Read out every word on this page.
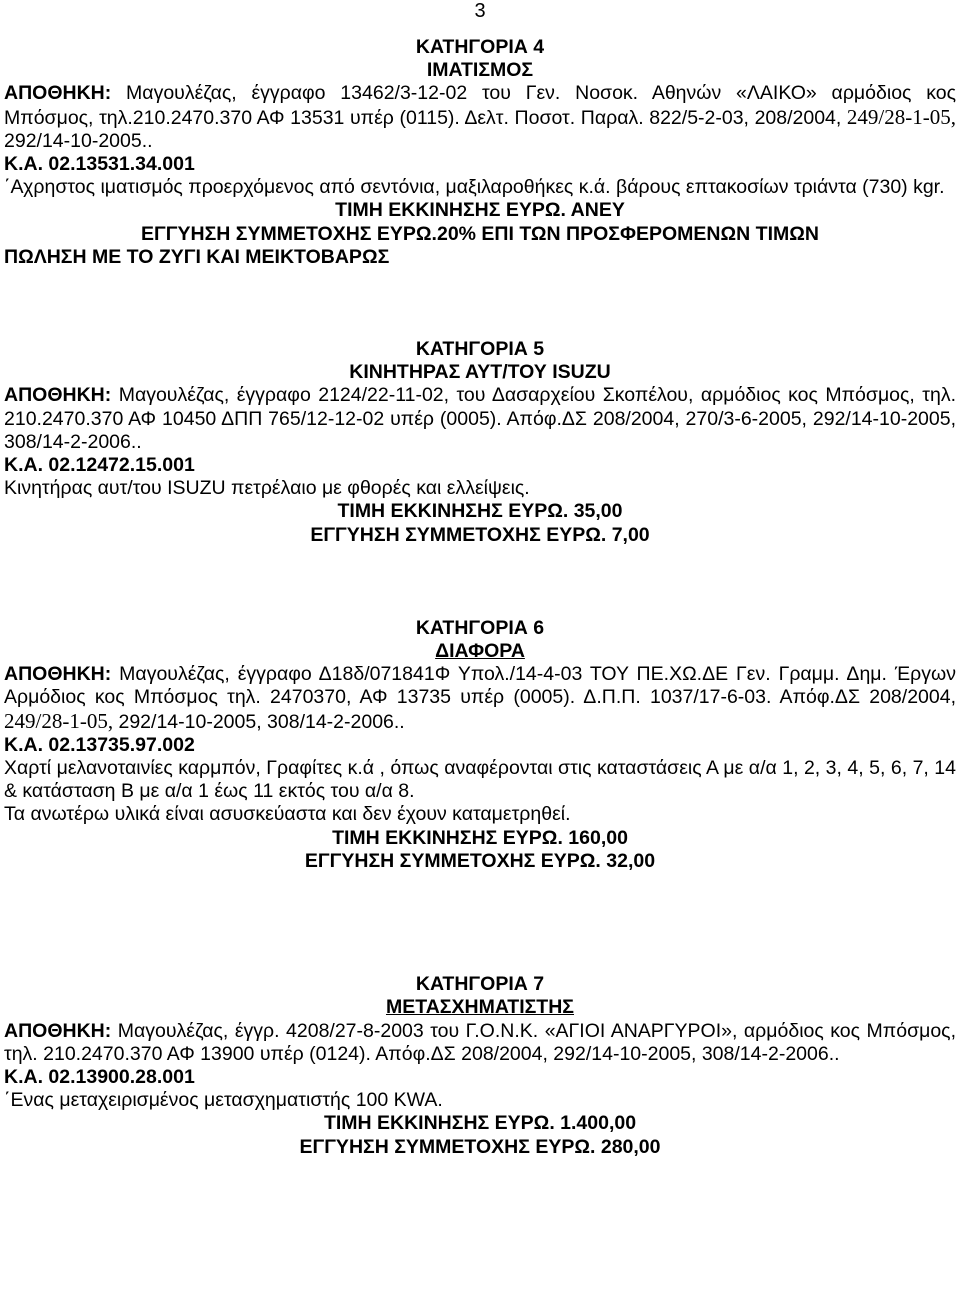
3

ΚΑΤΗΓΟΡΙΑ 4

ΙΜΑΤΙΣΜΟΣ

ΑΠΟΘΗΚΗ: Μαγουλέζας, έγγραφο 13462/3-12-02 του Γεν. Νοσοκ. Αθηνών «ΛΑΙΚΟ» αρμόδιος κος Μπόσμος, τηλ.210.2470.370 ΑΦ 13531 υπέρ (0115). Δελτ. Ποσοτ. Παραλ. 822/5-2-03, 208/2004, 249/28-1-05, 292/14-10-2005..

Κ.Α. 02.13531.34.001

΄Αχρηστος ιματισμός προερχόμενος από σεντόνια, μαξιλαροθήκες κ.ά. βάρους επτακοσίων τριάντα (730) kgr.

ΤΙΜΗ ΕΚΚΙΝΗΣΗΣ ΕΥΡΩ. ΑΝΕΥ

ΕΓΓΥΗΣΗ ΣΥΜΜΕΤΟΧΗΣ ΕΥΡΩ.20% ΕΠΙ ΤΩΝ ΠΡΟΣΦΕΡΟΜΕΝΩΝ ΤΙΜΩΝ

ΠΩΛΗΣΗ ΜΕ ΤΟ ΖΥΓΙ ΚΑΙ ΜΕΙΚΤΟΒΑΡΩΣ

ΚΑΤΗΓΟΡΙΑ 5

ΚΙΝΗΤΗΡΑΣ ΑΥΤ/ΤΟΥ ISUZU

ΑΠΟΘΗΚΗ: Μαγουλέζας, έγγραφο 2124/22-11-02, του Δασαρχείου Σκοπέλου, αρμόδιος κος Μπόσμος, τηλ. 210.2470.370 ΑΦ 10450 ΔΠΠ 765/12-12-02 υπέρ (0005). Απόφ.ΔΣ 208/2004, 270/3-6-2005, 292/14-10-2005, 308/14-2-2006..

Κ.Α. 02.12472.15.001

Κινητήρας αυτ/του ISUZU πετρέλαιο με φθορές και ελλείψεις.

ΤΙΜΗ ΕΚΚΙΝΗΣΗΣ ΕΥΡΩ. 35,00

ΕΓΓΥΗΣΗ ΣΥΜΜΕΤΟΧΗΣ ΕΥΡΩ. 7,00

ΚΑΤΗΓΟΡΙΑ 6

ΔΙΑΦΟΡΑ

ΑΠΟΘΗΚΗ: Μαγουλέζας, έγγραφο Δ18δ/071841Φ Υπολ./14-4-03 ΤΟΥ ΠΕ.ΧΩ.ΔΕ Γεν. Γραμμ. Δημ. Έργων Αρμόδιος κος Μπόσμος τηλ. 2470370, ΑΦ 13735 υπέρ (0005). Δ.Π.Π. 1037/17-6-03. Απόφ.ΔΣ 208/2004, 249/28-1-05, 292/14-10-2005, 308/14-2-2006..

Κ.Α. 02.13735.97.002

Χαρτί μελανοταινίες καρμπόν, Γραφίτες κ.ά , όπως αναφέρονται στις καταστάσεις Α με α/α 1, 2, 3, 4, 5, 6, 7, 14 & κατάσταση Β με α/α 1 έως 11 εκτός του α/α 8.

Τα ανωτέρω υλικά είναι ασυσκεύαστα και δεν έχουν καταμετρηθεί.

ΤΙΜΗ ΕΚΚΙΝΗΣΗΣ ΕΥΡΩ. 160,00

ΕΓΓΥΗΣΗ ΣΥΜΜΕΤΟΧΗΣ ΕΥΡΩ. 32,00

ΚΑΤΗΓΟΡΙΑ 7

ΜΕΤΑΣΧΗΜΑΤΙΣΤΗΣ

ΑΠΟΘΗΚΗ: Μαγουλέζας, έγγρ. 4208/27-8-2003 του Γ.Ο.Ν.Κ. «ΑΓΙΟΙ ΑΝΑΡΓΥΡΟΙ», αρμόδιος κος Μπόσμος, τηλ. 210.2470.370 ΑΦ 13900 υπέρ (0124). Απόφ.ΔΣ 208/2004, 292/14-10-2005, 308/14-2-2006..

Κ.Α. 02.13900.28.001

΄Ενας μεταχειρισμένος μετασχηματιστής 100 KWA.

ΤΙΜΗ ΕΚΚΙΝΗΣΗΣ ΕΥΡΩ. 1.400,00

ΕΓΓΥΗΣΗ ΣΥΜΜΕΤΟΧΗΣ ΕΥΡΩ. 280,00
